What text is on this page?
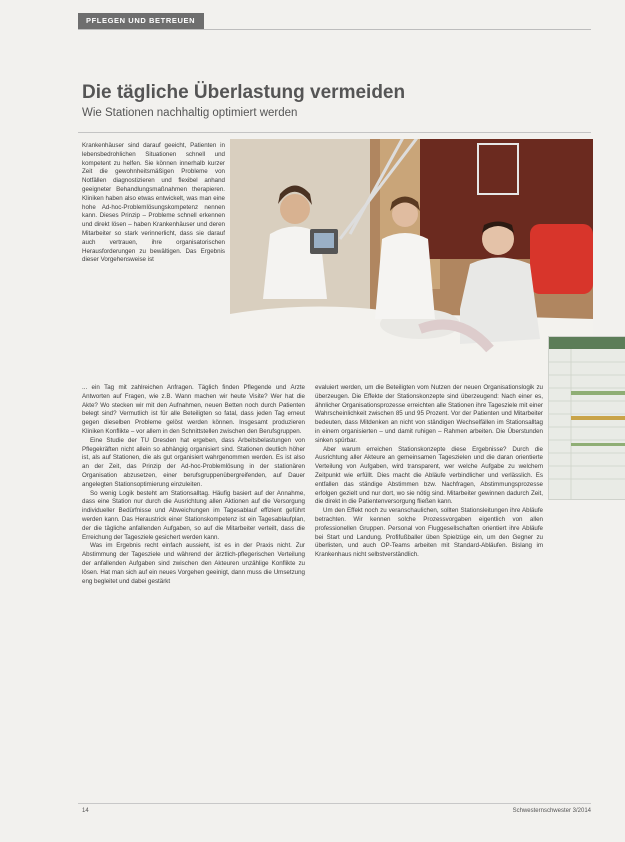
PFLEGEN UND BETREUEN
Die tägliche Überlastung vermeiden
Wie Stationen nachhaltig optimiert werden

Krankenhäuser sind darauf geeicht, Patienten in lebensbedrohlichen Situationen schnell und kompetent zu helfen. Sie können innerhalb kurzer Zeit die gewohnheitsmäßigen Probleme von Notfällen diagnostizieren und flexibel anhand geeigneter Behandlungsmaßnahmen therapieren. Kliniken haben also etwas entwickelt, was man eine hohe Ad-hoc-Problemlösungskompetenz nennen kann. Dieses Prinzip – Probleme schnell erkennen und direkt lösen – haben Krankenhäuser und deren Mitarbeiter so stark verinnerlicht, dass sie darauf auch vertrauen, ihre organisatorischen Herausforderungen zu bewältigen. Das Ergebnis dieser Vorgehensweise ist

... ein Tag mit zahlreichen Anfragen. Täglich finden Pflegende und Ärzte Antworten auf Fragen, wie z.B. Wann machen wir heute Visite? Wer hat die Akte? Wo stecken wir mit den Aufnahmen, neuen Betten noch durch Patienten belegt sind? Vermutlich ist für alle Beteiligten so fatal, dass jeden Tag erneut gegen dieselben Probleme gelöst werden können. Insgesamt produzieren Kliniken Konflikte – vor allem in den Schnittstellen zwischen den Berufsgruppen.

Eine Studie der TU Dresden hat ergeben, dass Arbeitsbelastungen von Pflegekräften nicht allein so abhängig organisiert sind. Stationen deutlich höher ist, als auf Stationen, die als gut organisiert wahrgenommen werden. Es ist also an der Zeit, das Prinzip der Ad-hoc-Problemlösung in der stationären Organisation abzusetzen, einer berufsgruppenübergreifenden, auf Dauer angelegten Stationsoptimierung einzuleiten.

So wenig Logik besteht am Stationsalltag. Häufig basiert auf der Annahme, dass eine Station nur durch die Ausrichtung allen Aktionen auf die Versorgung individueller Bedürfnisse und Abweichungen im Tagesablauf effizient geführt werden kann. Das Heraustrick einer Stationskompetenz ist ein Tagesablaufplan, der die tägliche anfallenden Aufgaben, so auf die Mitarbeiter verteilt, dass die Erreichung der Tagesziele gesichert werden kann.

Was im Ergebnis recht einfach aussieht, ist es in der Praxis nicht. Zur Abstimmung der Tagesziele und während der ärztlich-pflegerischen Verteilung der anfallenden Aufgaben sind zwischen den Akteuren unzählige Konflikte zu lösen. Hat man sich auf ein neues Vorgehen geeinigt, dann muss die Umsetzung eng begleitet und dabei gestärkt

evaluiert werden, um die Beteiligten vom Nutzen der neuen Organisationslogik zu überzeugen. Die Effekte der Stationskonzepte sind überzeugend: Nach einer es, ähnlicher Organisationsprozesse erreichten alle Stationen ihre Tagesziele mit einer Wahrscheinlichkeit zwischen 85 und 95 Prozent. Vor der Patienten und Mitarbeiter bedeuten, dass Mitdenken an nicht von ständigen Wechselfällen im Stationsalltag in einem organisierten – und damit ruhigen – Rahmen arbeiten. Die Überstunden sinken spürbar.

Aber warum erreichen Stationskonzepte diese Ergebnisse? Durch die Ausrichtung aller Akteure an gemeinsamen Tageszielen und die daran orientierte Verteilung von Aufgaben, wird transparent, wer welche Aufgabe zu welchem Zeitpunkt wie erfüllt. Dies macht die Abläufe verbindlicher und verlässlich. Es entfallen das ständige Abstimmen bzw. Nachfragen, Abstimmungsprozesse erfolgen gezielt und nur dort, wo sie nötig sind. Mitarbeiter gewinnen dadurch Zeit, die direkt in die Patientenversorgung fließen kann.

Um den Effekt noch zu veranschaulichen, sollten Stationsleitungen ihre Abläufe betrachten. Wir kennen solche Prozessvorgaben eigentlich von allen professionellen Gruppen. Personal von Fluggesellschaften orientiert ihre Abläufe bei Start und Landung. Profifußballer üben Spielzüge ein, um den Gegner zu überlisten, und auch OP-Teams arbeiten mit Standard-Abläufen. Bislang im Krankenhaus nicht selbstverständlich.

14	Schwesternschwester 3/2014
